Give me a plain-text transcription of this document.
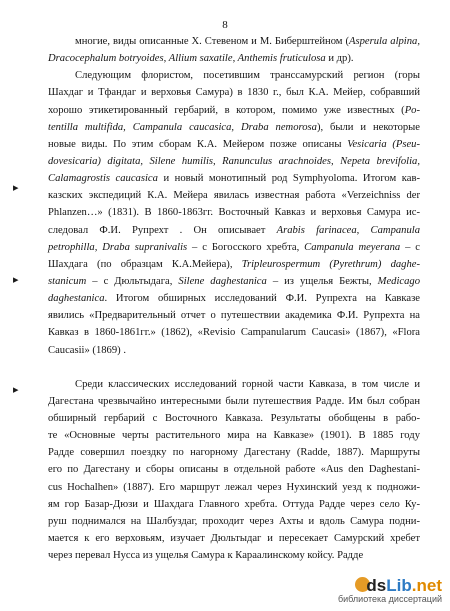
8
▸
▸
▸
многие, виды описанные Х. Стевеном и М. Биберштейном (Asperula alpina,
Dracocephalum botryoides, Allium saxatile, Anthemis fruticulosa и др).
Следующим флористом, посетившим трансcамурский регион (горы
Шахдаг и Тфандаг и верховья Самура) в 1830 г., был К.А. Мейер, собравший
хорошо этикетированный гербарий, в котором, помимо уже известных (Po-
tentilla multifida, Campanula caucasica, Draba nemorosa), были и некоторые
новые виды. По этим сборам К.А. Мейером позже описаны Vesicaria (Pseu-
dovesicaria) digitata, Silene humilis, Ranunculus arachnoides, Nepeta brevifolia,
Calamagrostis caucasica и новый монотипный род Symphyoloma. Итогом кав-
казских экспедиций К.А. Мейера явилась известная работа «Verzeichniss der
Phlanzen…» (1831). В 1860-1863гг. Восточный Кавказ и верховья Самура ис-
следовал Ф.И. Рупрехт . Он описывает Arabis farinacea, Campanula
petrophilla, Draba supranivalis – с Богосского хребта, Campanula meyerana – с
Шахдага (по образцам К.А.Мейера), Tripleurospermum (Pyrethrum) daghe-
stanicum – с Дюльтыдага, Silene daghestanica – из ущелья Бежты, Medicago
daghestanica. Итогом обширных исследований Ф.И. Рупрехта на Кавказе
явились «Предварительный отчет о путешествии академика Ф.И. Рупрехта на
Кавказ в 1860-1861гг.» (1862), «Revisio Campanularum Caucasi» (1867), «Flora
Caucasii» (1869) .
Среди классических исследований горной части Кавказа, в том числе и
Дагестана чрезвычайно интересными были путешествия Радде. Им был собран
обширный гербарий с Восточного Кавказа. Результаты обобщены в рабо-
те «Основные черты растительного мира на Кавказе» (1901). В 1885 году
Радде совершил поездку по нагорному Дагестану (Radde, 1887). Маршруты
его по Дагестану и сборы описаны в отдельной работе «Aus den Daghestani-
cus Hochalhen» (1887). Его маршрут лежал через Нухинский уезд к подножи-
ям гор Базар-Дюзи и Шахдага Главного хребта. Оттуда Радде через село Ку-
руш поднимался на Шалбуздаг, проходит через Ахты и вдоль Самура подни-
мается к его верховьям, изучает Дюльтыдаг и пересекает Самурский хребет
через перевал Нусса из ущелья Самура к Караалинскому койсу. Радде
dsLib.net
библиотека диссертаций
